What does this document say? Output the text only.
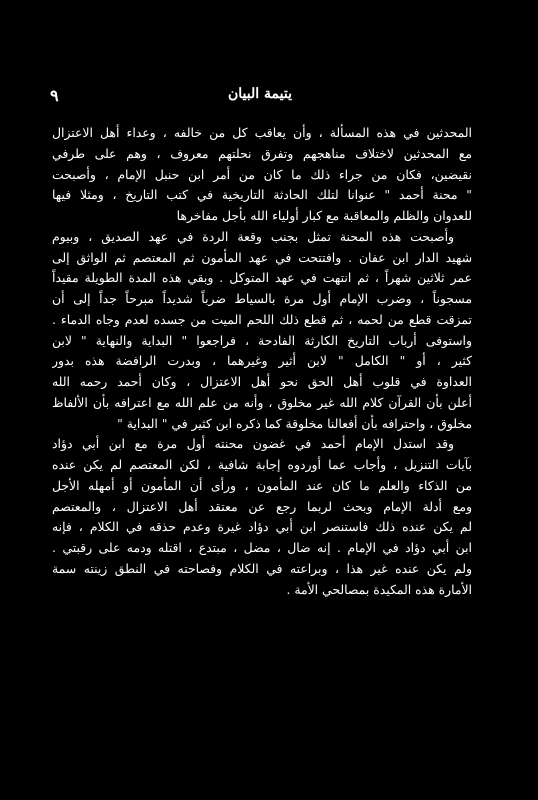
٩	يتيمة البيان
المحدثين في هذه المسألة ، وأن يعاقب كل من خالفه ، وعداء أهل الاعتزال
مع المحدثين لاختلاف مناهجهم وتفرق نحلتهم معروف ، وهم على طرفي
نقيضين، فكان من جراء ذلك ما كان من أمر ابن حنبل الإمام ، وأصبحت
" محنة أحمد " عنوانا لتلك الحادثة التاريخية في كتب التاريخ ، ومثلا فيها
للعدوان والظلم والمعاقبة مع كبار أولياء الله بأجل مفاخرها
وأصبحت هذه المحنة تمثل بجنب وقعة الردة في عهد الصديق ، وبيوم
شهيد الدار ابن عفان . وافتتحت في عهد المأمون ثم المعتصم ثم الواثق إلى
عمر ثلاثين شهراً ، ثم انتهت في عهد المتوكل . وبقي هذه المدة الطويلة مقيداً
مسجوناً ، وضرب الإمام أول مرة بالسياط ضرباً شديداً مبرحاً جداً إلى أن
تمزقت قطع من لحمه ، ثم قطع ذلك اللحم الميت من جسده لعدم وجاه الدماء .
واستوفى أرباب التاريخ الكارثة الفادحة ، فراجعوا " البداية والنهاية " لابن
كثير ، أو " الكامل " لابن أثير وغيرهما ، وبدرت الرافضة هذه بدور
العداوة في قلوب أهل الحق نحو أهل الاعتزال ، وكان أحمد رحمه الله
أعلن بأن القرآن كلام الله غير مخلوق ، وأنه من علم الله مع اعترافه بأن الألفاظ
مخلوق ، واحترافه بأن أفعالنا مخلوقة كما ذكره ابن كثير في " البداية "
وقد استدل الإمام أحمد في غضون محنته أول مرة مع ابن أبي دؤاد
بآيات التنزيل ، وأجاب عما أوردوه إجابة شافية ، لكن المعتصم لم يكن عنده
من الذكاء والعلم ما كان عند المأمون ، ورأى أن المأمون أو أمهله الأجل
ومع أدلة الإمام وبحث لربما رجع عن معتقد أهل الاعتزال ، والمعتصم
لم يكن عنده ذلك فاستنصر ابن أبي دؤاد غيرة وعدم حذقه في الكلام ، فإنه
ابن أبي دؤاد في الإمام . إنه ضال ، مضل ، مبتدع ، اقتله ودمه على رقبتي .
ولم يكن عنده غير هذا ، وبراعته في الكلام وفصاحته في النطق زينته سمة
الأمارة هذه المكيدة بمصالحي الأمة .
